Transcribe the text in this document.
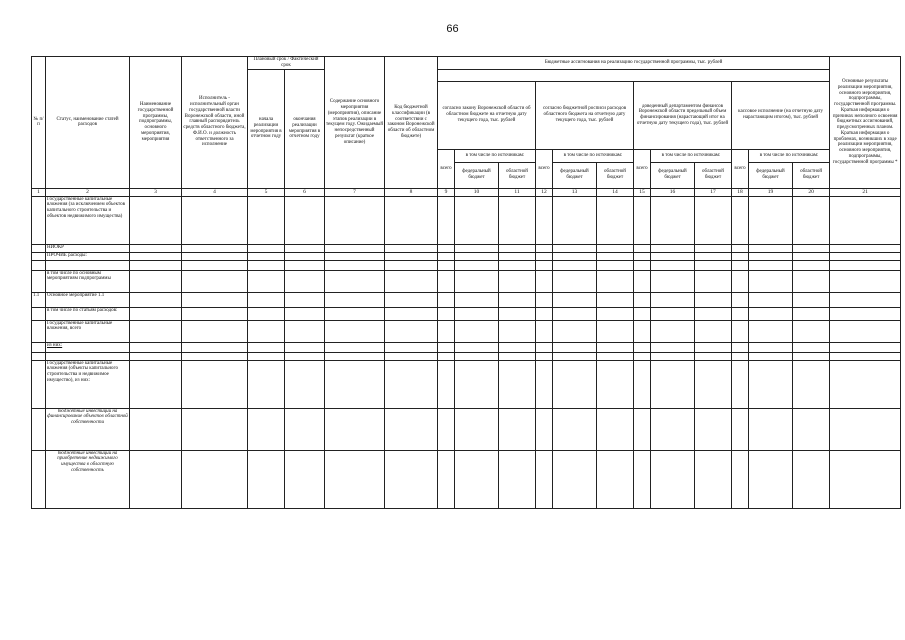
66
№ п/п	Статус, наименование статей расходов	Наименование государственной программы, подпрограммы, основного мероприятия, мероприятия	Исполнитель - исполнительный орган государственной власти Воронежской области, иной главный распорядитель средств областного бюджета, Ф.И.О. и должность ответственного за исполнение	Плановый срок / Фактический срок		Содержание основного мероприятия (мероприятия), описание этапов реализации в текущем году. Ожидаемый непосредственный результат (краткое описание)	Код бюджетной классификации (в соответствии с законом Воронежской области об областном бюджете)	Бюджетные ассигнования на реализацию государственной программы, тыс. рублей												Основные результаты реализации мероприятия, основного мероприятия, подпрограммы, государственной программы. Краткая информация о причинах неполного освоения бюджетных ассигнований, предусмотренных планом. Краткая информация о проблемах, возникших в ходе реализации мероприятия, основного мероприятия, подпрограммы, государственной программы *
				начала реализации мероприятия в отчетном году	окончания реализации мероприятия в отчетном году															
								согласно закону Воронежской области об областном бюджете на отчетную дату текущего года, тыс. рублей			согласно бюджетной росписи расходов областного бюджета на отчетную дату текущего года, тыс. рублей			доведенный департаментом финансов Воронежской области предельный объем финансирования (нарастающий итог на отчетную дату текущего года), тыс. рублей			кассовое исполнение (на отчетную дату нарастающим итогом), тыс. рублей			
								всего	в том числе по источникам:		всего	в том числе по источникам:		всего	в том числе по источникам:		всего	в том числе по источникам:		
									федеральный бюджет	областной бюджет		федеральный бюджет	областной бюджет		федеральный бюджет	областной бюджет		федеральный бюджет	областной бюджет	
1	2	3	4	5	6	7	8	9	10	11	12	13	14	15	16	17	18	19	20	21
	Государственные капитальные вложения (за исключением объектов капитального строительства и объектов недвижимого имущества)																			
	НИОКР																			
	ПРОЧИЕ расходы:																			

	в том числе по основным мероприятиям подпрограммы																			
1.1	Основное мероприятие 1.1																			
	в том числе по статьям расходов:																			
	Государственные капитальные вложения, всего																			
	из них:																			

	Государственные капитальные вложения (объекты капитального строительства и недвижимое имущество), из них:																			
	бюджетные инвестиции на финансирование объектов областной собственности																			
	бюджетные инвестиции на приобретение недвижимого имущества в областную собственность																			
